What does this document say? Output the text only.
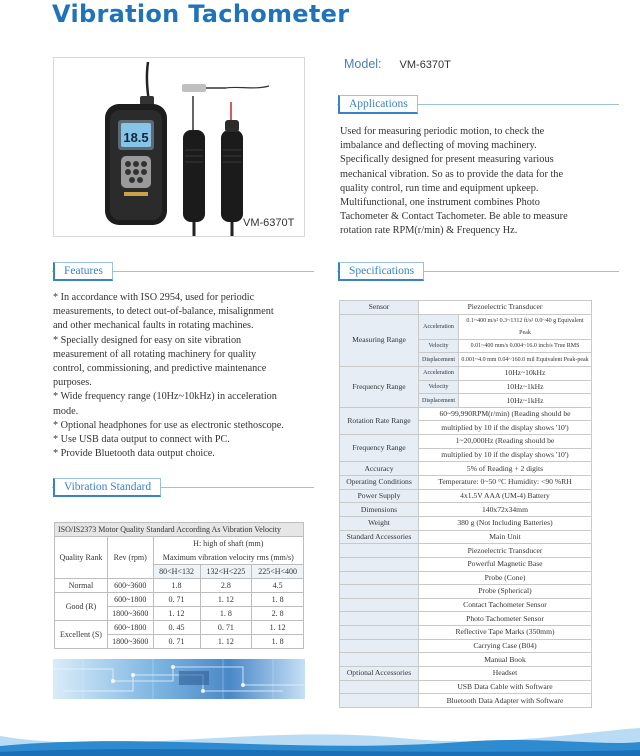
Vibration Tachometer
18.5
VM-6370T
Model: VM-6370T
Applications
Used for measuring periodic motion, to check the
imbalance and deflecting of moving machinery.
Specifically designed for present measuring various
mechanical vibration. So as to provide the data for the
quality control, run time and equipment upkeep.
Multifunctional, one instrument combines Photo
Tachometer & Contact Tachometer. Be able to measure
rotation rate RPM(r/min) & Frequency Hz.
Features
* In accordance with ISO 2954, used for periodic
measurements, to detect out-of-balance, misalignment
and other mechanical faults in rotating machines.
* Specially designed for easy on site vibration
measurement of all rotating machinery for quality
control, commissioning, and predictive maintenance
purposes.
* Wide frequency range (10Hz~10kHz) in acceleration
mode.
* Optional headphones for use as electronic stethoscope.
* Use USB data output to connect with PC.
* Provide Bluetooth data output choice.
Vibration Standard
ISO/IS2373 Motor Quality Standard According As Vibration Velocity				
Quality Rank	Rev (rpm)	H: high of shaft (mm)		
		Maximum vibration velocity rms (mm/s)		
		80<H<132	132<H<225	225<H<400
Normal	600~3600	1.8	2.8	4.5
Good (R)	600~1800	0. 71	1. 12	1. 8
	1800~3600	1. 12	1. 8	2. 8
Excellent (S)	600~1800	0. 45	0. 71	1. 12
	1800~3600	0. 71	1. 12	1. 8
Specifications
Sensor	Piezoelectric Transducer	
Measuring Range	Acceleration	0.1~400 m/s² 0.3~1312 ft/s² 0.0~40 g Equivalent Peak
	Velocity	0.01~400 mm/s 0.004~16.0 inch/s True RMS
	Displacement	0.001~4.0 mm 0.04~160.0 mil Equivalent Peak-peak
Frequency Range	Acceleration	10Hz~10kHz
	Velocity	10Hz~1kHz
	Displacement	10Hz~1kHz
Rotation Rate Range	60~99,990RPM(r/min) (Reading should be	
	multiplied by 10 if the display shows '10')	
Frequency Range	1~20,000Hz (Reading should be	
	multiplied by 10 if the display shows '10')	
Accuracy	5% of Reading + 2 digits	
Operating Conditions	Temperature: 0~50 °C Humidity: <90 %RH	
Power Supply	4x1.5V AAA (UM-4) Battery	
Dimensions	140x72x34mm	
Weight	380 g (Not Including Batteries)	
Standard Accessories	Main Unit	
	Piezoelectric Transducer	
	Powerful Magnetic Base	
	Probe (Cone)	
	Probe (Spherical)	
	Contact Tachometer Sensor	
	Photo Tachometer Sensor	
	Reflective Tape Marks (350mm)	
	Carrying Case (B04)	
	Manual Book	
Optional Accessories	Headset	
	USB Data Cable with Software	
	Bluetooth Data Adapter with Software	
